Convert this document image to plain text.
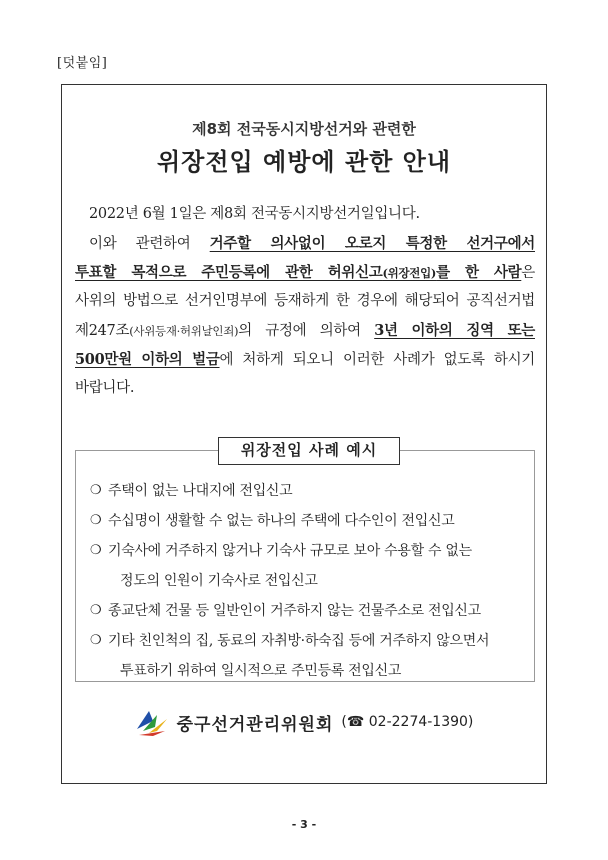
[덧붙임]
제8회 전국동시지방선거와 관련한
위장전입 예방에 관한 안내
2022년 6월 1일은 제8회 전국동시지방선거일입니다.
이와 관련하여 거주할 의사없이 오로지 특정한 선거구에서
투표할 목적으로 주민등록에 관한 허위신고(위장전입)를 한 사람은
사위의 방법으로 선거인명부에 등재하게 한 경우에 해당되어 공직선거법
제247조(사위등재·허위날인죄)의 규정에 의하여 3년 이하의 징역 또는
500만원 이하의 벌금에 처하게 되오니 이러한 사례가 없도록 하시기
바랍니다.
위장전입 사례 예시
❍ 주택이 없는 나대지에 전입신고
❍ 수십명이 생활할 수 없는 하나의 주택에 다수인이 전입신고
❍ 기숙사에 거주하지 않거나 기숙사 규모로 보아 수용할 수 없는
정도의 인원이 기숙사로 전입신고
❍ 종교단체 건물 등 일반인이 거주하지 않는 건물주소로 전입신고
❍ 기타 친인척의 집, 동료의 자취방·하숙집 등에 거주하지 않으면서
투표하기 위하여 일시적으로 주민등록 전입신고
중구선거관리위원회 (☎ 02-2274-1390)
- 3 -
